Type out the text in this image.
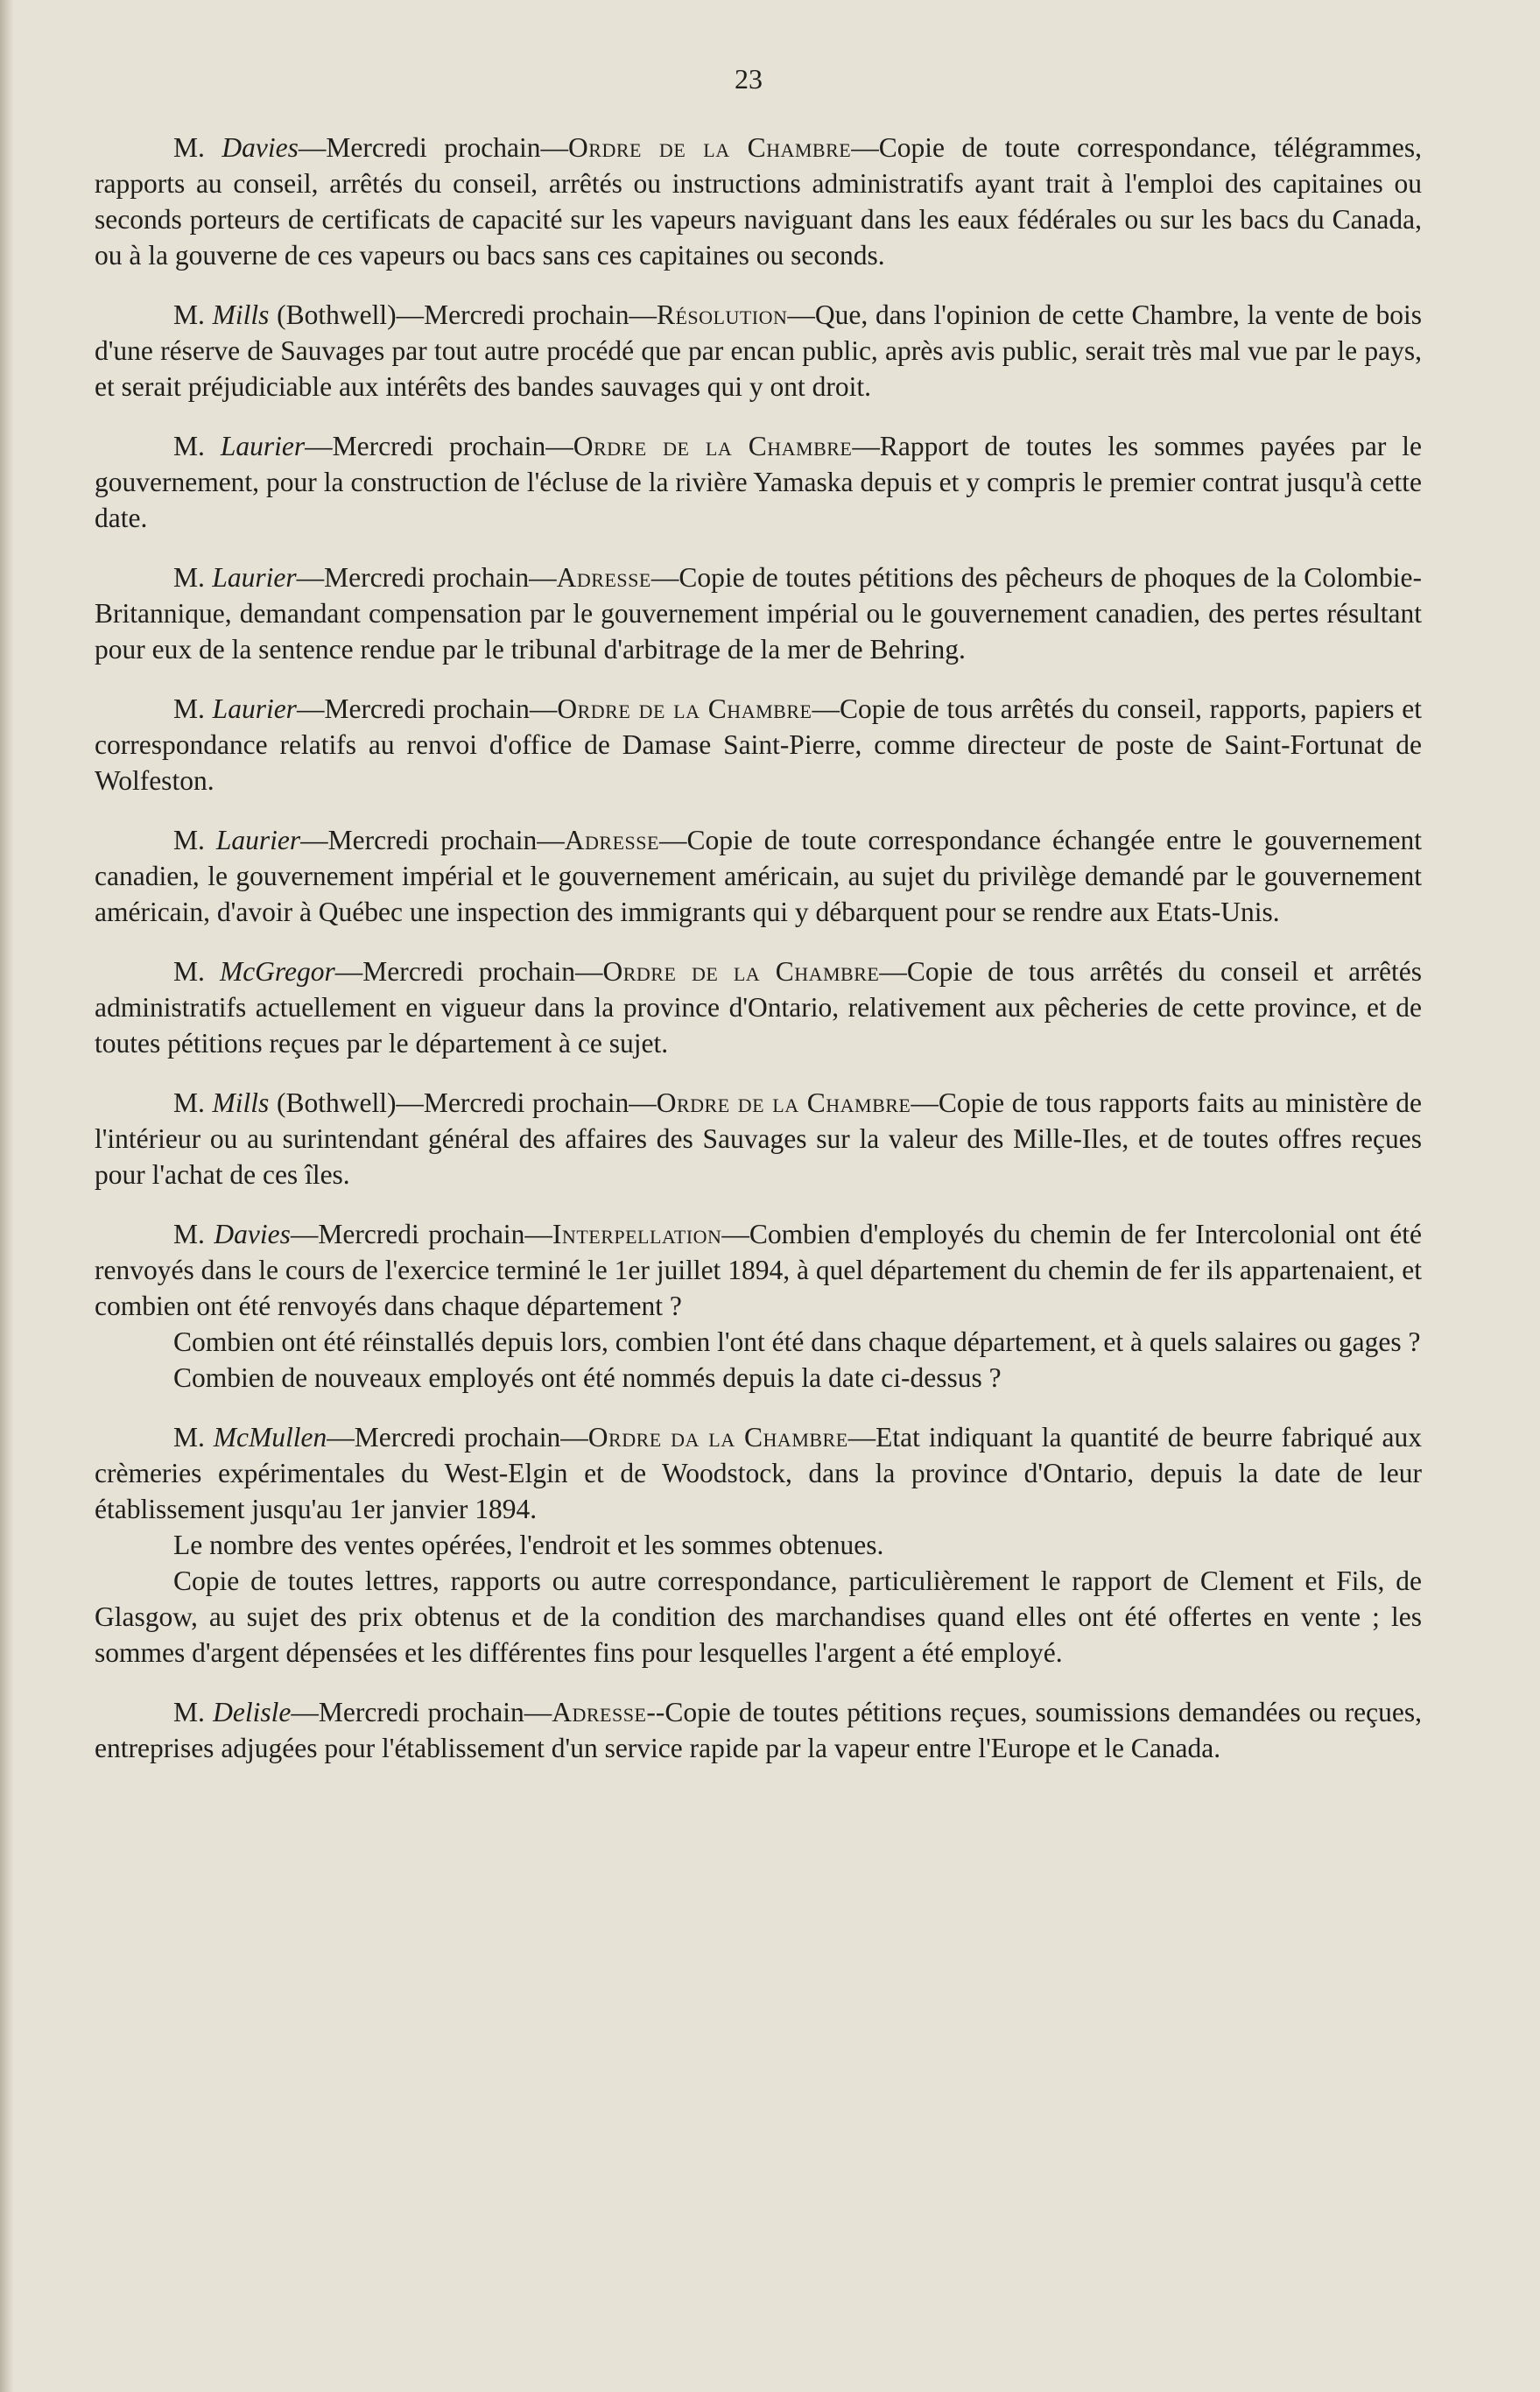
23

M. Davies—Mercredi prochain—Ordre de la Chambre—Copie de toute correspondance, télégrammes, rapports au conseil, arrêtés du conseil, arrêtés ou instructions administratifs ayant trait à l'emploi des capitaines ou seconds porteurs de certificats de capacité sur les vapeurs naviguant dans les eaux fédérales ou sur les bacs du Canada, ou à la gouverne de ces vapeurs ou bacs sans ces capitaines ou seconds.

M. Mills (Bothwell)—Mercredi prochain—Résolution—Que, dans l'opinion de cette Chambre, la vente de bois d'une réserve de Sauvages par tout autre procédé que par encan public, après avis public, serait très mal vue par le pays, et serait préjudiciable aux intérêts des bandes sauvages qui y ont droit.

M. Laurier—Mercredi prochain—Ordre de la Chambre—Rapport de toutes les sommes payées par le gouvernement, pour la construction de l'écluse de la rivière Yamaska depuis et y compris le premier contrat jusqu'à cette date.

M. Laurier—Mercredi prochain—Adresse—Copie de toutes pétitions des pêcheurs de phoques de la Colombie-Britannique, demandant compensation par le gouvernement impérial ou le gouvernement canadien, des pertes résultant pour eux de la sentence rendue par le tribunal d'arbitrage de la mer de Behring.

M. Laurier—Mercredi prochain—Ordre de la Chambre—Copie de tous arrêtés du conseil, rapports, papiers et correspondance relatifs au renvoi d'office de Damase Saint-Pierre, comme directeur de poste de Saint-Fortunat de Wolfeston.

M. Laurier—Mercredi prochain—Adresse—Copie de toute correspondance échangée entre le gouvernement canadien, le gouvernement impérial et le gouvernement américain, au sujet du privilège demandé par le gouvernement américain, d'avoir à Québec une inspection des immigrants qui y débarquent pour se rendre aux Etats-Unis.

M. McGregor—Mercredi prochain—Ordre de la Chambre—Copie de tous arrêtés du conseil et arrêtés administratifs actuellement en vigueur dans la province d'Ontario, relativement aux pêcheries de cette province, et de toutes pétitions reçues par le département à ce sujet.

M. Mills (Bothwell)—Mercredi prochain—Ordre de la Chambre—Copie de tous rapports faits au ministère de l'intérieur ou au surintendant général des affaires des Sauvages sur la valeur des Mille-Iles, et de toutes offres reçues pour l'achat de ces îles.

M. Davies—Mercredi prochain—Interpellation—Combien d'employés du chemin de fer Intercolonial ont été renvoyés dans le cours de l'exercice terminé le 1er juillet 1894, à quel département du chemin de fer ils appartenaient, et combien ont été renvoyés dans chaque département ?

Combien ont été réinstallés depuis lors, combien l'ont été dans chaque département, et à quels salaires ou gages ?

Combien de nouveaux employés ont été nommés depuis la date ci-dessus ?

M. McMullen—Mercredi prochain—Ordre da la Chambre—Etat indiquant la quantité de beurre fabriqué aux crèmeries expérimentales du West-Elgin et de Woodstock, dans la province d'Ontario, depuis la date de leur établissement jusqu'au 1er janvier 1894.

Le nombre des ventes opérées, l'endroit et les sommes obtenues.

Copie de toutes lettres, rapports ou autre correspondance, particulièrement le rapport de Clement et Fils, de Glasgow, au sujet des prix obtenus et de la condition des marchandises quand elles ont été offertes en vente ; les sommes d'argent dépensées et les différentes fins pour lesquelles l'argent a été employé.

M. Delisle—Mercredi prochain—Adresse--Copie de toutes pétitions reçues, soumissions demandées ou reçues, entreprises adjugées pour l'établissement d'un service rapide par la vapeur entre l'Europe et le Canada.
